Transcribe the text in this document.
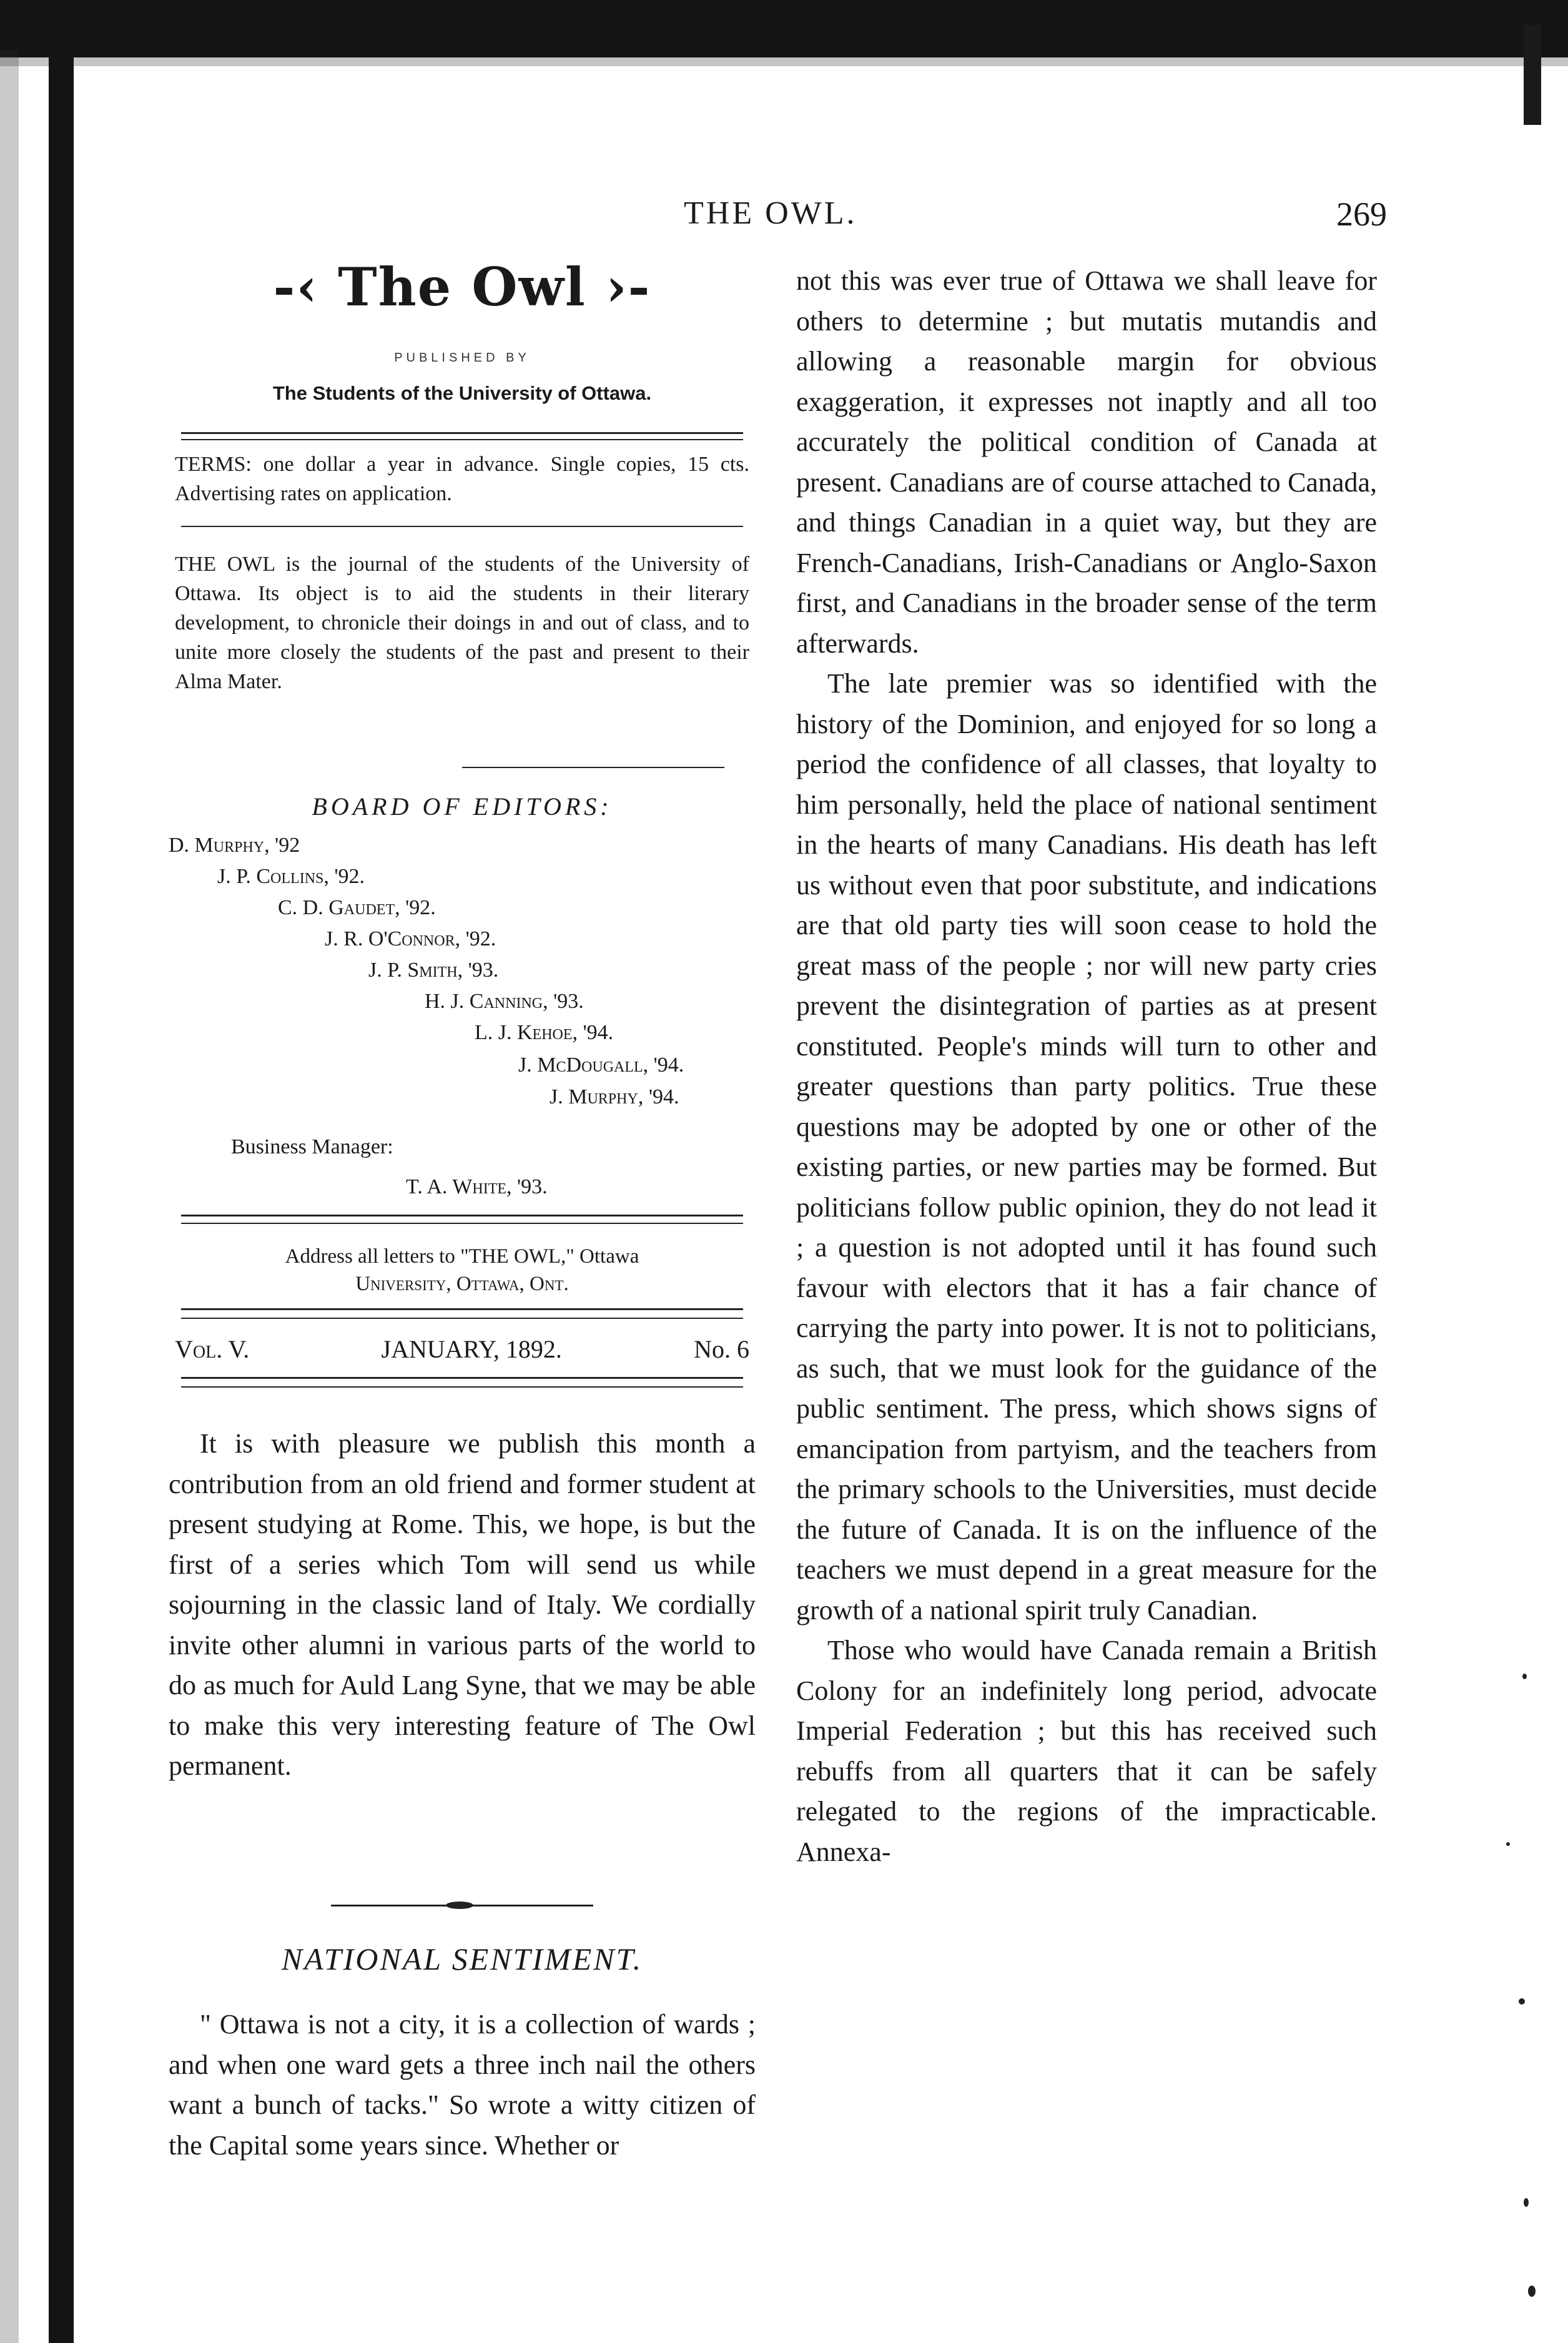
THE OWL.	269
-‹ The Owl ›-
PUBLISHED BY
The Students of the University of Ottawa.
TERMS: one dollar a year in advance. Single copies, 15 cts. Advertising rates on application.
THE OWL is the journal of the students of the University of Ottawa. Its object is to aid the students in their literary development, to chronicle their doings in and out of class, and to unite more closely the students of the past and present to their Alma Mater.
BOARD OF EDITORS:
D. Murphy, '92
J. P. Collins, '92.
C. D. Gaudet, '92.
J. R. O'Connor, '92.
J. P. Smith, '93.
H. J. Canning, '93.
L. J. Kehoe, '94.
J. McDougall, '94.
J. Murphy, '94.
Business Manager:
T. A. White, '93.
Address all letters to "THE OWL," Ottawa
University, Ottawa, Ont.
Vol. V.	JANUARY, 1892.	No. 6
It is with pleasure we publish this month a contribution from an old friend and former student at present studying at Rome. This, we hope, is but the first of a series which Tom will send us while sojourning in the classic land of Italy. We cordially invite other alumni in various parts of the world to do as much for Auld Lang Syne, that we may be able to make this very interesting feature of The Owl permanent.
NATIONAL SENTIMENT.
" Ottawa is not a city, it is a collection of wards ; and when one ward gets a three inch nail the others want a bunch of tacks." So wrote a witty citizen of the Capital some years since. Whether or

not this was ever true of Ottawa we shall leave for others to determine ; but mutatis mutandis and allowing a reasonable margin for obvious exaggeration, it expresses not inaptly and all too accurately the political condition of Canada at present. Canadians are of course attached to Canada, and things Canadian in a quiet way, but they are French-Canadians, Irish-Canadians or Anglo-Saxon first, and Canadians in the broader sense of the term afterwards.

The late premier was so identified with the history of the Dominion, and enjoyed for so long a period the confidence of all classes, that loyalty to him personally, held the place of national sentiment in the hearts of many Canadians. His death has left us without even that poor substitute, and indications are that old party ties will soon cease to hold the great mass of the people ; nor will new party cries prevent the disintegration of parties as at present constituted. People's minds will turn to other and greater questions than party politics. True these questions may be adopted by one or other of the existing parties, or new parties may be formed. But politicians follow public opinion, they do not lead it ; a question is not adopted until it has found such favour with electors that it has a fair chance of carrying the party into power. It is not to politicians, as such, that we must look for the guidance of the public sentiment. The press, which shows signs of emancipation from partyism, and the teachers from the primary schools to the Universities, must decide the future of Canada. It is on the influence of the teachers we must depend in a great measure for the growth of a national spirit truly Canadian.

Those who would have Canada remain a British Colony for an indefinitely long period, advocate Imperial Federation ; but this has received such rebuffs from all quarters that it can be safely relegated to the regions of the impracticable. Annexa-
